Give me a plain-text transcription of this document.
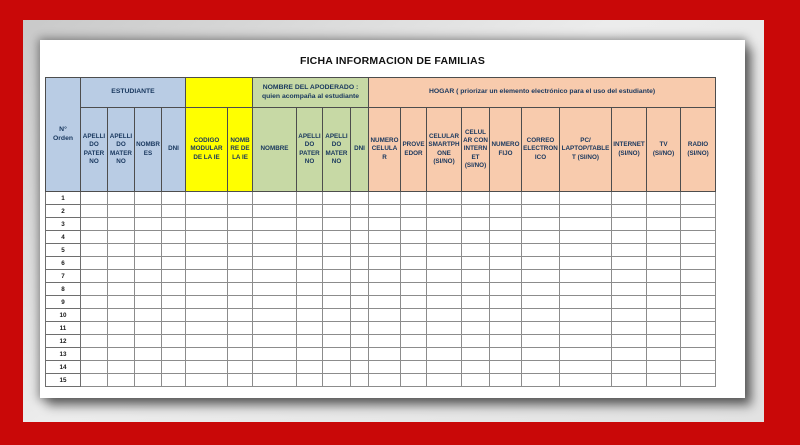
FICHA INFORMACION DE FAMILIAS
N° Orden	ESTUDIANTE						NOMBRE DEL APODERADO : quien acompaña al estudiante				HOGAR ( priorizar un elemento electrónico para el uso del estudiante)									
	APELLIDO PATERNO	APELLIDO MATERNO	NOMBRES	DNI	CODIGO MODULAR DE LA IE	NOMBRE DE LA IE	NOMBRE	APELLIDO PATERNO	APELLIDO MATERNO	DNI	NUMERO CELULAR	PROVEEDOR	CELULAR SMARTPHONE (SI/NO)	CELULAR CON INTERNET (SI/NO)	NUMERO FIJO	CORREO ELECTRONICO	PC/ LAPTOP/TABLET (SI/NO)	INTERNET (SI/NO)	TV (SI/NO)	RADIO (SI/NO)
1																				
2																				
3																				
4																				
5																				
6																				
7																				
8																				
9																				
10																				
11																				
12																				
13																				
14																				
15																				
